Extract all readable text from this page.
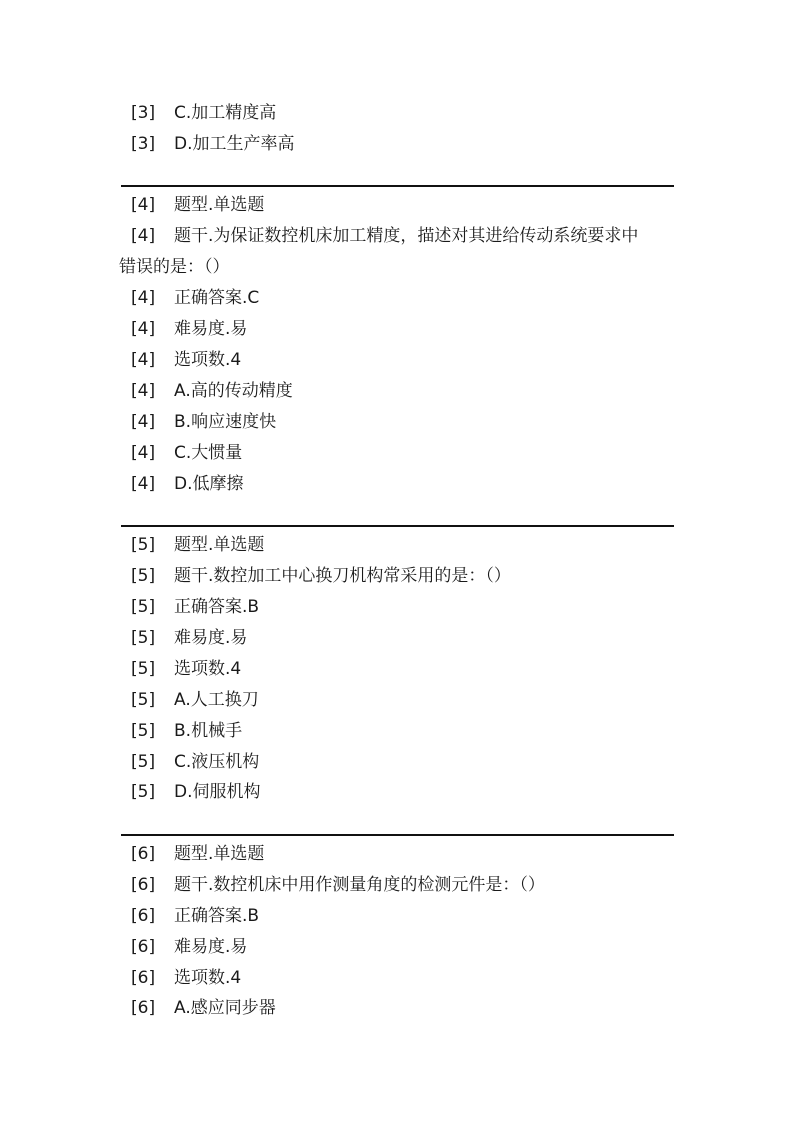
[3] C.加工精度高
[3] D.加工生产率高
[4] 题型.单选题
[4] 题干.为保证数控机床加工精度，描述对其进给传动系统要求中
错误的是：（）
[4] 正确答案.C
[4] 难易度.易
[4] 选项数.4
[4] A.高的传动精度
[4] B.响应速度快
[4] C.大惯量
[4] D.低摩擦
[5] 题型.单选题
[5] 题干.数控加工中心换刀机构常采用的是：（）
[5] 正确答案.B
[5] 难易度.易
[5] 选项数.4
[5] A.人工换刀
[5] B.机械手
[5] C.液压机构
[5] D.伺服机构
[6] 题型.单选题
[6] 题干.数控机床中用作测量角度的检测元件是：（）
[6] 正确答案.B
[6] 难易度.易
[6] 选项数.4
[6] A.感应同步器
